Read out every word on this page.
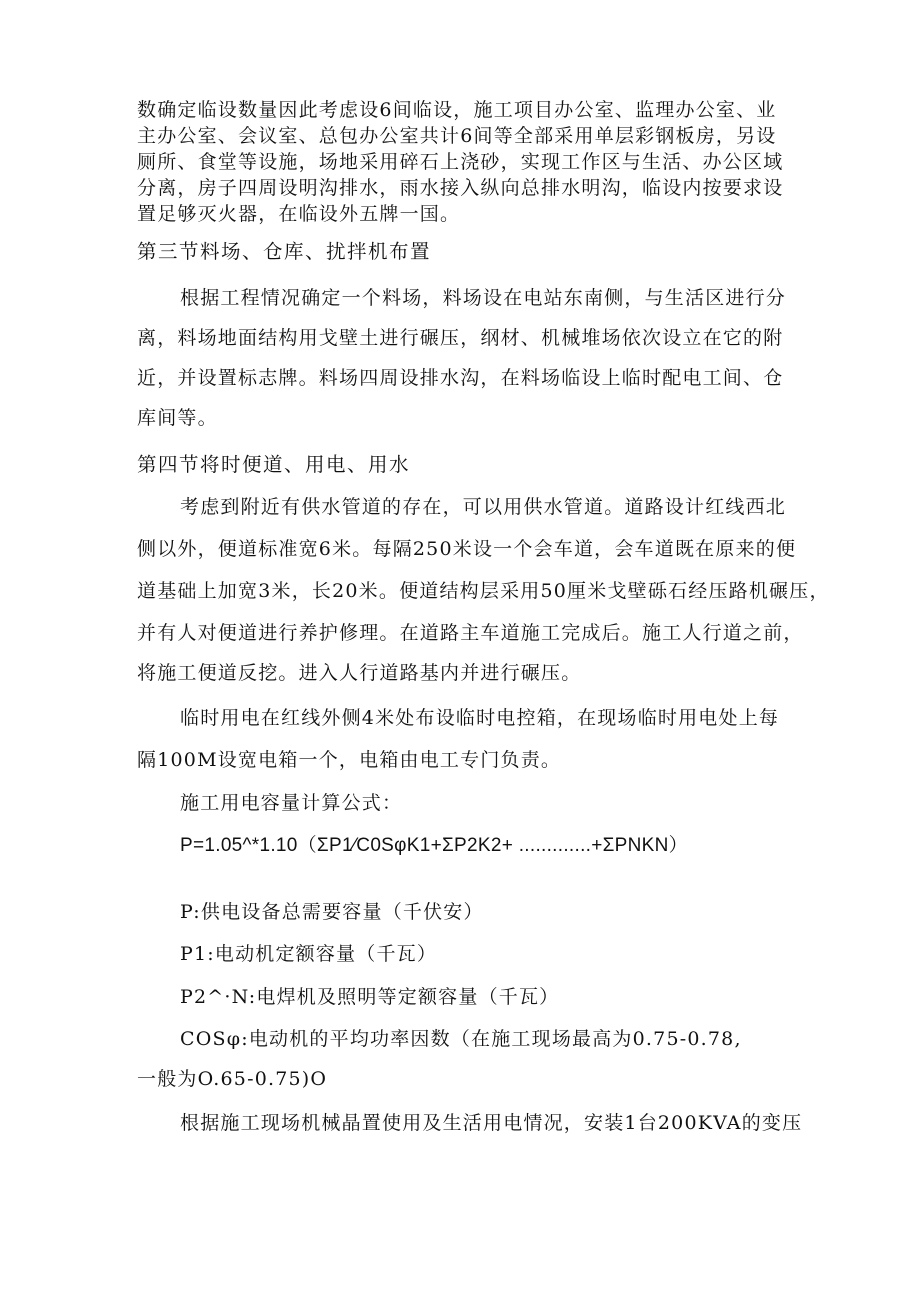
数确定临设数量因此考虑设6间临设，施工项目办公室、监理办公室、业
主办公室、会议室、总包办公室共计6间等全部采用单层彩钢板房，另设
厕所、食堂等设施，场地采用碎石上浇砂，实现工作区与生活、办公区域
分离，房子四周设明沟排水，雨水接入纵向总排水明沟，临设内按要求设
置足够灭火器，在临设外五牌一国。
第三节料场、仓库、扰拌机布置
根据工程情况确定一个料场，料场设在电站东南侧，与生活区进行分
离，料场地面结构用戈壁土进行碾压，纲材、机械堆场依次设立在它的附
近，并设置标志牌。料场四周设排水沟，在料场临设上临时配电工间、仓
库间等。
第四节将时便道、用电、用水
考虑到附近有供水管道的存在，可以用供水管道。道路设计红线西北
侧以外，便道标准宽6米。每隔250米设一个会车道，会车道既在原来的便
道基础上加宽3米，长20米。便道结构层采用50厘米戈壁砾石经压路机碾压，
并有人对便道进行养护修理。在道路主车道施工完成后。施工人行道之前，
将施工便道反挖。进入人行道路基内并进行碾压。
临时用电在红线外侧4米处布设临时电控箱，在现场临时用电处上每
隔100M设宽电箱一个，电箱由电工专门负责。
施工用电容量计算公式：
P=1.05^*1.10（ΣP1⁄C0SφK1+ΣP2K2+ .............+ΣPNKN）
P:供电设备总需要容量（千伏安）
P1:电动机定额容量（千瓦）
P2^·N:电焊机及照明等定额容量（千瓦）
COSφ:电动机的平均功率因数（在施工现场最高为0.75-0.78,
一般为O.65-0.75)O
根据施工现场机械晶置使用及生活用电情况，安装1台200KVA的变压
